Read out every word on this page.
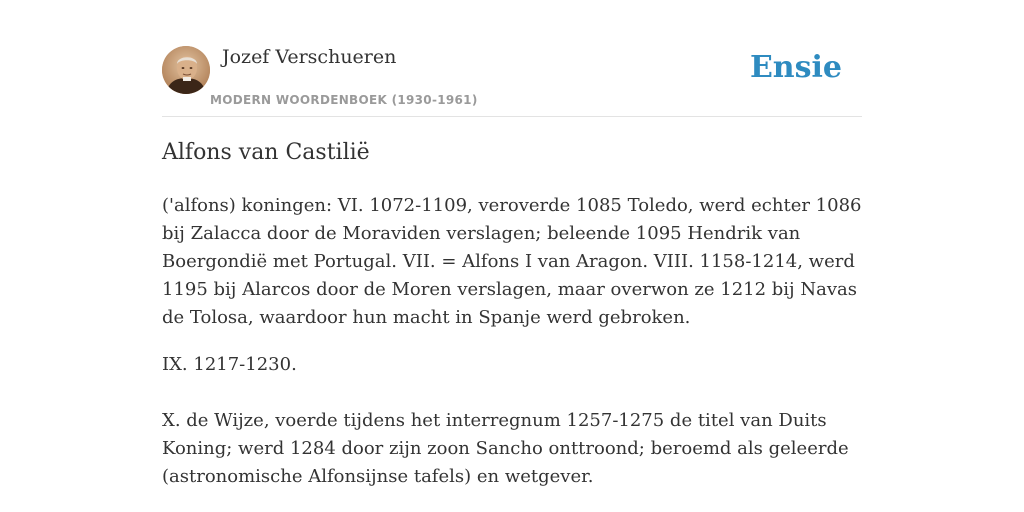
Jozef Verschueren
MODERN WOORDENBOEK (1930-1961)
Ensie
Alfons van Castilië

('alfons) koningen: VI. 1072-1109, veroverde 1085 Toledo, werd echter 1086 bij Zalacca door de Moraviden verslagen; beleende 1095 Hendrik van Boergondië met Portugal. VII. = Alfons I van Aragon. VIII. 1158-1214, werd 1195 bij Alarcos door de Moren verslagen, maar overwon ze 1212 bij Navas de Tolosa, waardoor hun macht in Spanje werd gebroken.

IX. 1217-1230.

X. de Wijze, voerde tijdens het interregnum 1257-1275 de titel van Duits Koning; werd 1284 door zijn zoon Sancho onttroond; beroemd als geleerde (astronomische Alfonsijnse tafels) en wetgever.
